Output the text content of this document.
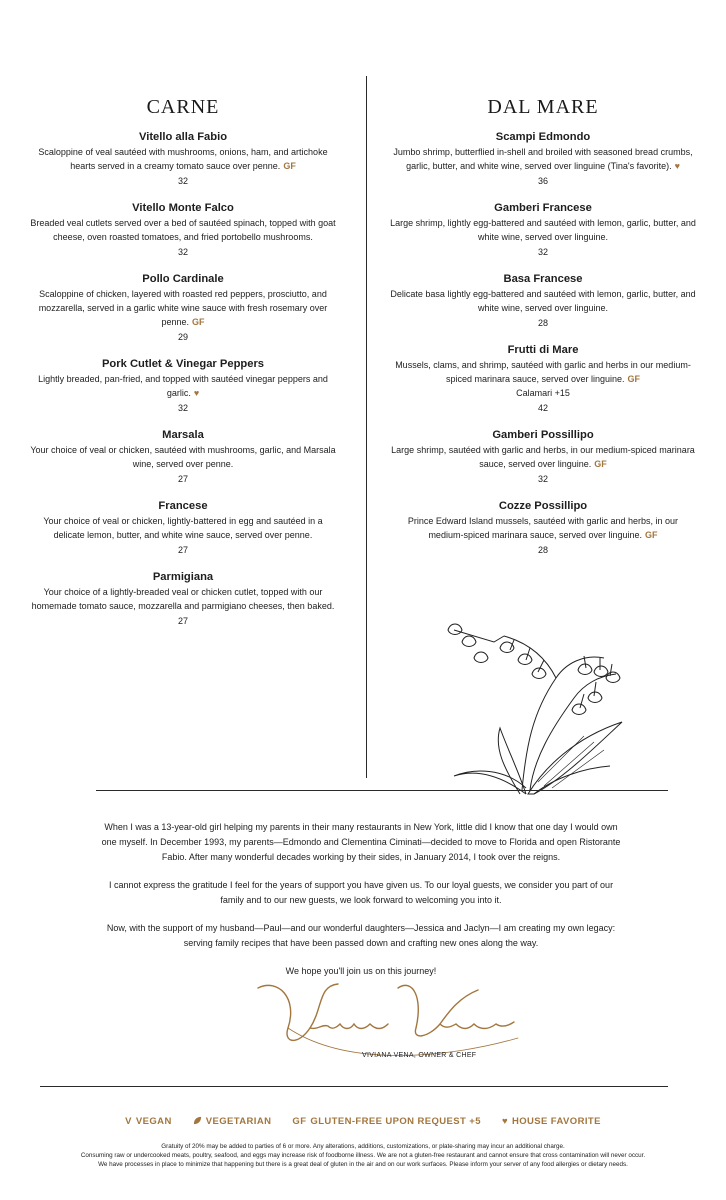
CARNE
Vitello alla Fabio
Scaloppine of veal sautéed with mushrooms, onions, ham, and artichoke hearts served in a creamy tomato sauce over penne. GF
32
Vitello Monte Falco
Breaded veal cutlets served over a bed of sautéed spinach, topped with goat cheese, oven roasted tomatoes, and fried portobello mushrooms.
32
Pollo Cardinale
Scaloppine of chicken, layered with roasted red peppers, prosciutto, and mozzarella, served in a garlic white wine sauce with fresh rosemary over penne. GF
29
Pork Cutlet & Vinegar Peppers
Lightly breaded, pan-fried, and topped with sautéed vinegar peppers and garlic. ♥
32
Marsala
Your choice of veal or chicken, sautéed with mushrooms, garlic, and Marsala wine, served over penne.
27
Francese
Your choice of veal or chicken, lightly-battered in egg and sautéed in a delicate lemon, butter, and white wine sauce, served over penne.
27
Parmigiana
Your choice of a lightly-breaded veal or chicken cutlet, topped with our homemade tomato sauce, mozzarella and parmigiano cheeses, then baked.
27
DAL MARE
Scampi Edmondo
Jumbo shrimp, butterflied in-shell and broiled with seasoned bread crumbs, garlic, butter, and white wine, served over linguine (Tina's favorite). ♥
36
Gamberi Francese
Large shrimp, lightly egg-battered and sautéed with lemon, garlic, butter, and white wine, served over linguine.
32
Basa Francese
Delicate basa lightly egg-battered and sautéed with lemon, garlic, butter, and white wine, served over linguine.
28
Frutti di Mare
Mussels, clams, and shrimp, sautéed with garlic and herbs in our medium-spiced marinara sauce, served over linguine. GF
Calamari +15
42
Gamberi Possillipo
Large shrimp, sautéed with garlic and herbs, in our medium-spiced marinara sauce, served over linguine. GF
32
Cozze Possillipo
Prince Edward Island mussels, sautéed with garlic and herbs, in our medium-spiced marinara sauce, served over linguine. GF
28

When I was a 13-year-old girl helping my parents in their many restaurants in New York, little did I know that one day I would own one myself. In December 1993, my parents—Edmondo and Clementina Ciminati—decided to move to Florida and open Ristorante Fabio. After many wonderful decades working by their sides, in January 2014, I took over the reigns.

I cannot express the gratitude I feel for the years of support you have given us. To our loyal guests, we consider you part of our family and to our new guests, we look forward to welcoming you into it.

Now, with the support of my husband—Paul—and our wonderful daughters—Jessica and Jaclyn—I am creating my own legacy: serving family recipes that have been passed down and crafting new ones along the way.

We hope you'll join us on this journey!

VIVIANA VENA, OWNER & CHEF
V VEGAN	VEGETARIAN GF GLUTEN-FREE UPON REQUEST +5 ♥ HOUSE FAVORITE
Gratuity of 20% may be added to parties of 6 or more. Any alterations, additions, customizations, or plate-sharing may incur an additional charge.
Consuming raw or undercooked meats, poultry, seafood, and eggs may increase risk of foodborne illness. We are not a gluten-free restaurant and cannot ensure that cross contamination will never occur.
We have processes in place to minimize that happening but there is a great deal of gluten in the air and on our work surfaces. Please inform your server of any food allergies or dietary needs.
